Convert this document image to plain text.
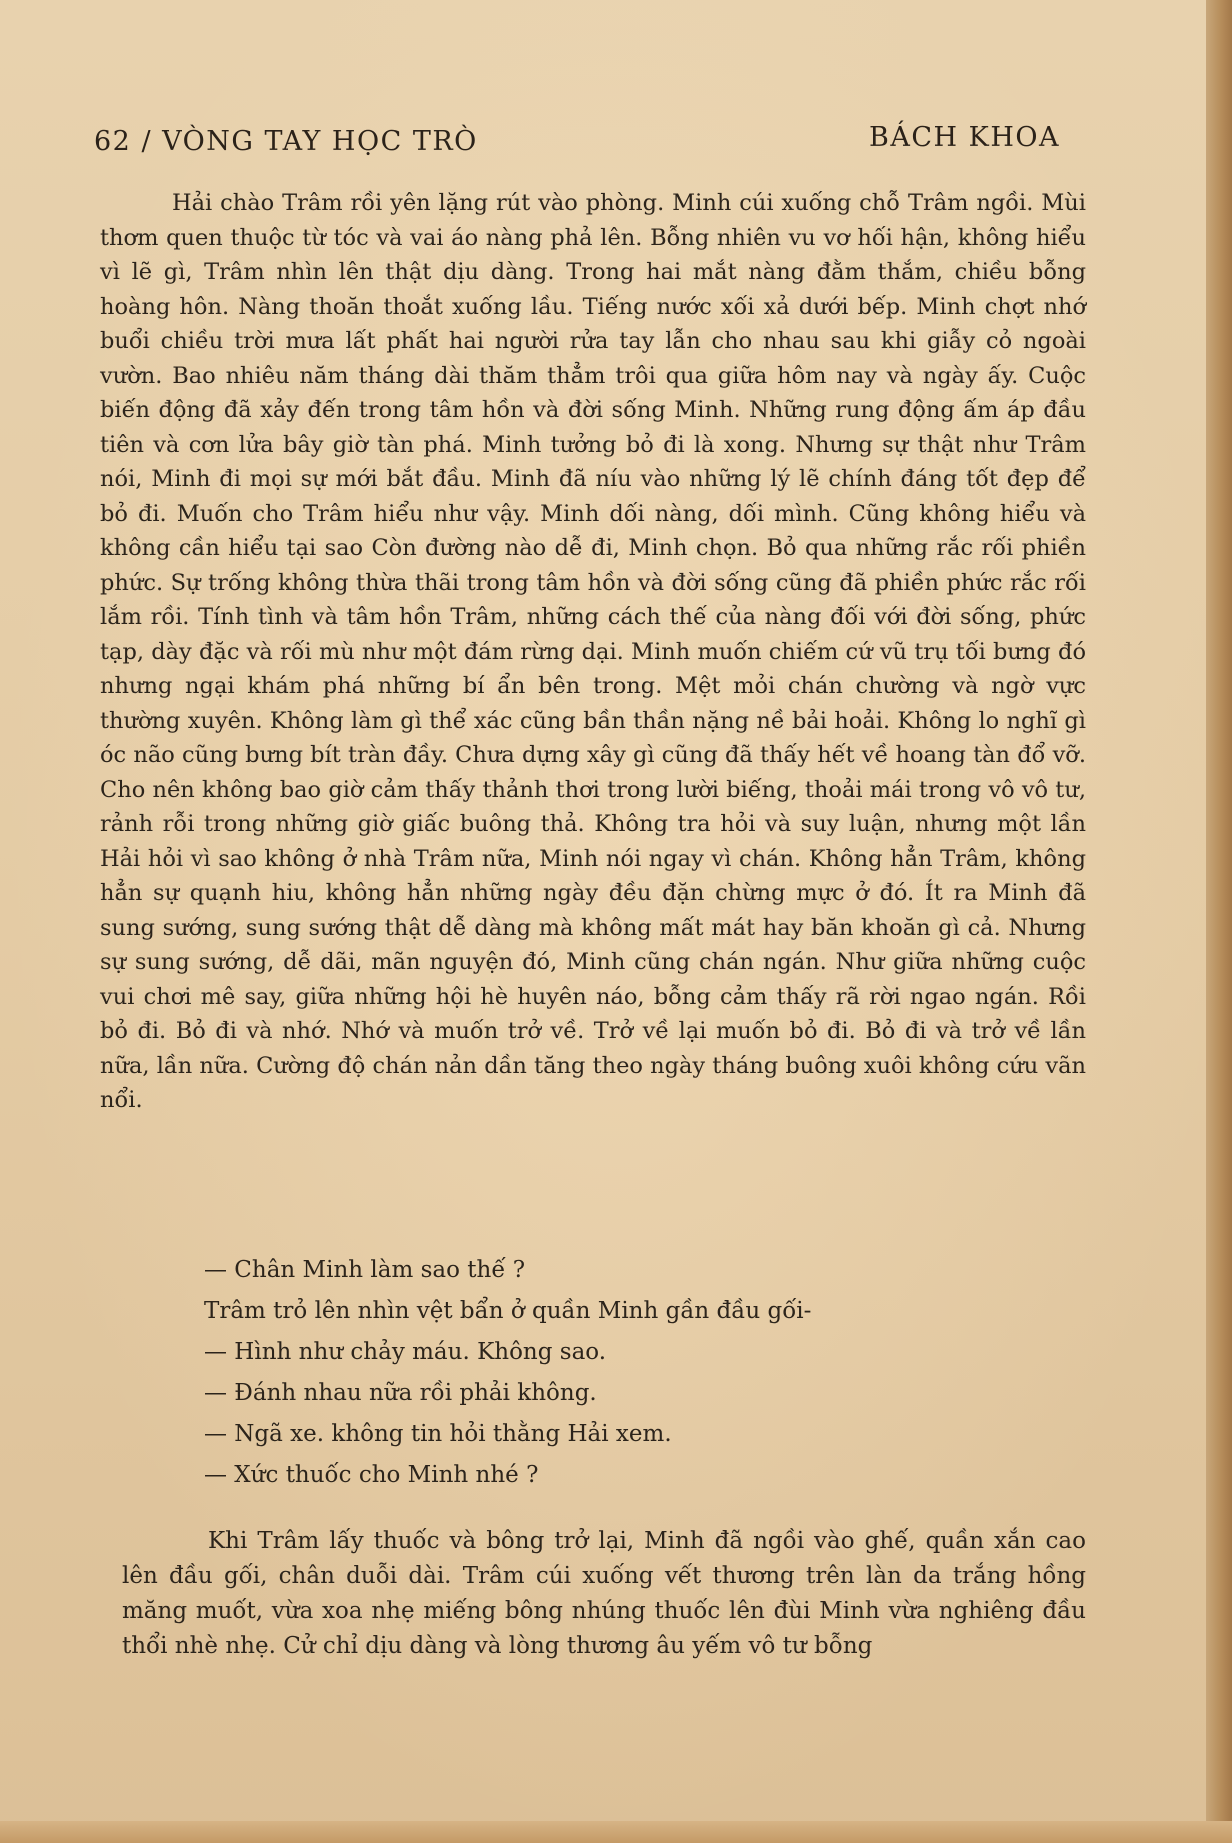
62 / VÒNG TAY HỌC TRÒ	BÁCH KHOA

Hải chào Trâm rồi yên lặng rút vào phòng. Minh cúi xuống chỗ Trâm ngồi. Mùi thơm quen thuộc từ tóc và vai áo nàng phả lên. Bỗng nhiên vu vơ hối hận, không hiểu vì lẽ gì, Trâm nhìn lên thật dịu dàng. Trong hai mắt nàng đằm thắm, chiều bỗng hoàng hôn. Nàng thoăn thoắt xuống lầu. Tiếng nước xối xả dưới bếp. Minh chợt nhớ buổi chiều trời mưa lất phất hai người rửa tay lẫn cho nhau sau khi giẫy cỏ ngoài vườn. Bao nhiêu năm tháng dài thăm thẳm trôi qua giữa hôm nay và ngày ấy. Cuộc biến động đã xảy đến trong tâm hồn và đời sống Minh. Những rung động ấm áp đầu tiên và cơn lửa bây giờ tàn phá. Minh tưởng bỏ đi là xong. Nhưng sự thật như Trâm nói, Minh đi mọi sự mới bắt đầu. Minh đã níu vào những lý lẽ chính đáng tốt đẹp để bỏ đi. Muốn cho Trâm hiểu như vậy. Minh dối nàng, dối mình. Cũng không hiểu và không cần hiểu tại sao Còn đường nào dễ đi, Minh chọn. Bỏ qua những rắc rối phiền phức. Sự trống không thừa thãi trong tâm hồn và đời sống cũng đã phiền phức rắc rối lắm rồi. Tính tình và tâm hồn Trâm, những cách thế của nàng đối với đời sống, phức tạp, dày đặc và rối mù như một đám rừng dại. Minh muốn chiếm cứ vũ trụ tối bưng đó nhưng ngại khám phá những bí ẩn bên trong. Mệt mỏi chán chường và ngờ vực thường xuyên. Không làm gì thể xác cũng bần thần nặng nề bải hoải. Không lo nghĩ gì óc não cũng bưng bít tràn đầy. Chưa dựng xây gì cũng đã thấy hết về hoang tàn đổ vỡ. Cho nên không bao giờ cảm thấy thảnh thơi trong lười biếng, thoải mái trong vô vô tư, rảnh rỗi trong những giờ giấc buông thả. Không tra hỏi và suy luận, nhưng một lần Hải hỏi vì sao không ở nhà Trâm nữa, Minh nói ngay vì chán. Không hẳn Trâm, không hẳn sự quạnh hiu, không hẳn những ngày đều đặn chừng mực ở đó. Ít ra Minh đã sung sướng, sung sướng thật dễ dàng mà không mất mát hay băn khoăn gì cả. Nhưng sự sung sướng, dễ dãi, mãn nguyện đó, Minh cũng chán ngán. Như giữa những cuộc vui chơi mê say, giữa những hội hè huyên náo, bỗng cảm thấy rã rời ngao ngán. Rồi bỏ đi. Bỏ đi và nhớ. Nhớ và muốn trở về. Trở về lại muốn bỏ đi. Bỏ đi và trở về lần nữa, lần nữa. Cường độ chán nản dần tăng theo ngày tháng buông xuôi không cứu vãn nổi.

— Chân Minh làm sao thế ?

Trâm trỏ lên nhìn vệt bẩn ở quần Minh gần đầu gối-

— Hình như chảy máu. Không sao.

— Đánh nhau nữa rồi phải không.

— Ngã xe. không tin hỏi thằng Hải xem.

— Xức thuốc cho Minh nhé ?

Khi Trâm lấy thuốc và bông trở lại, Minh đã ngồi vào ghế, quần xắn cao lên đầu gối, chân duỗi dài. Trâm cúi xuống vết thương trên làn da trắng hồng măng muốt, vừa xoa nhẹ miếng bông nhúng thuốc lên đùi Minh vừa nghiêng đầu thổi nhè nhẹ. Cử chỉ dịu dàng và lòng thương âu yếm vô tư bỗng
